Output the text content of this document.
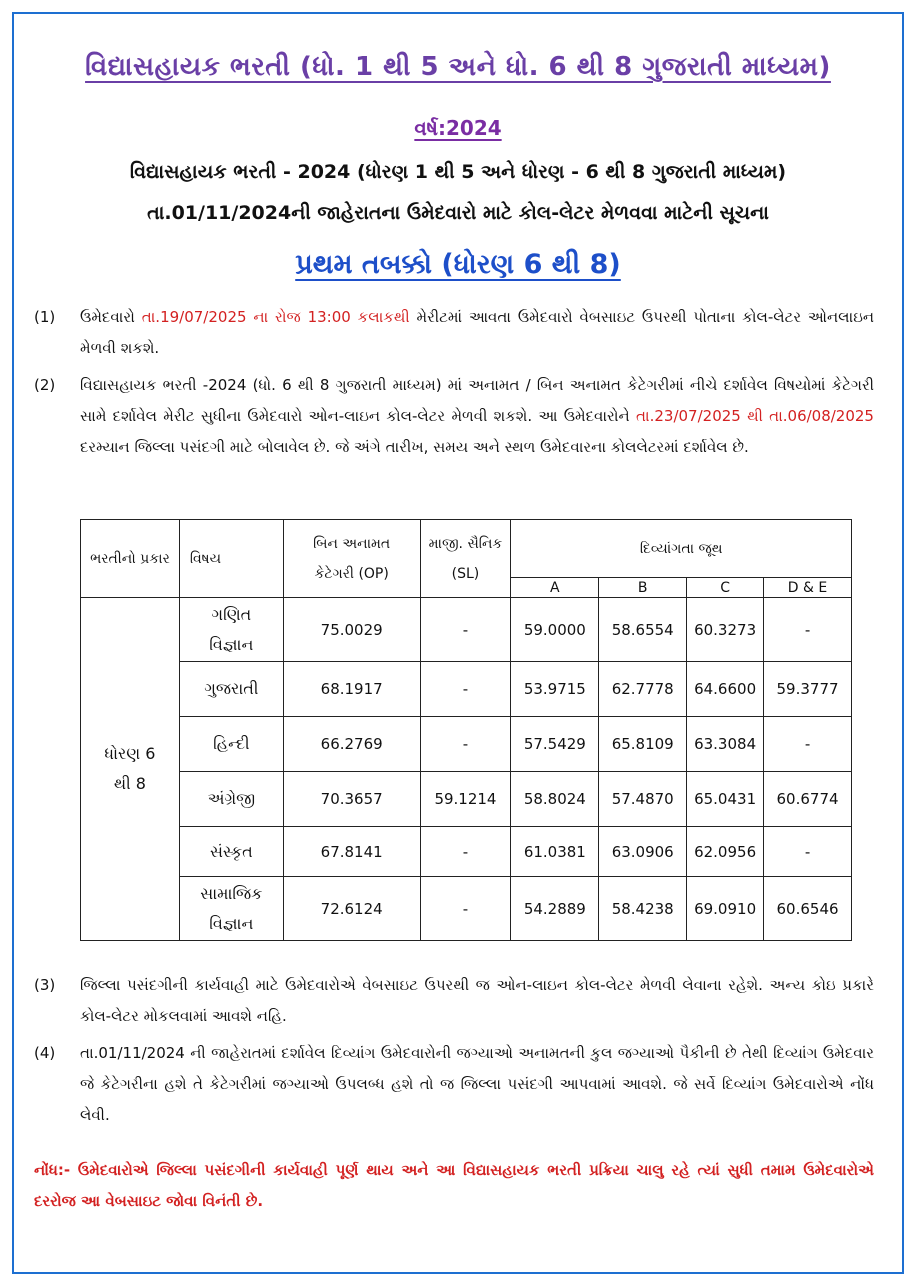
વિદ્યાસહાયક ભરતી (ધો. 1 થી 5 અને ધો. 6 થી 8 ગુજરાતી માધ્યમ)
વર્ષ:2024
વિદ્યાસહાયક ભરતી - 2024 (ધોરણ 1 થી 5 અને ધોરણ - 6 થી 8 ગુજરાતી માધ્યમ)
તા.01/11/2024ની જાહેરાતના ઉમેદવારો માટે કોલ-લેટર મેળવવા માટેની સૂચના
પ્રથમ તબક્કો (ધોરણ 6 થી 8)
(1) ઉમેદવારો તા.19/07/2025 ના રોજ 13:00 કલાકથી મેરીટમાં આવતા ઉમેદવારો વેબસાઇટ ઉપરથી પોતાના કોલ-લેટર ઓનલાઇન મેળવી શકશે.
(2) વિદ્યાસહાયક ભરતી -2024 (ધો. 6 થી 8 ગુજરાતી માધ્યમ) માં અનામત / બિન અનામત કેટેગરીમાં નીચે દર્શાવેલ વિષયોમાં કેટેગરી સામે દર્શાવેલ મેરીટ સુધીના ઉમેદવારો ઓન-લાઇન કોલ-લેટર મેળવી શકશે. આ ઉમેદવારોને તા.23/07/2025 થી તા.06/08/2025 દરમ્યાન જિલ્લા પસંદગી માટે બોલાવેલ છે. જે અંગે તારીખ, સમય અને સ્થળ ઉમેદવારના કોલલેટરમાં દર્શાવેલ છે.
ભરતીનો પ્રકાર	વિષય	બિન અનામત કેટેગરી (OP)	માજી. સૈનિક (SL)	દિવ્યાંગતા જૂથ			
				A	B	C	D & E
ધોરણ 6 થી 8	ગણિત વિજ્ઞાન	75.0029	-	59.0000	58.6554	60.3273	-
	ગુજરાતી	68.1917	-	53.9715	62.7778	64.6600	59.3777
	હિન્દી	66.2769	-	57.5429	65.8109	63.3084	-
	અંગ્રેજી	70.3657	59.1214	58.8024	57.4870	65.0431	60.6774
	સંસ્કૃત	67.8141	-	61.0381	63.0906	62.0956	-
	સામાજિક વિજ્ઞાન	72.6124	-	54.2889	58.4238	69.0910	60.6546
(3) જિલ્લા પસંદગીની કાર્યવાહી માટે ઉમેદવારોએ વેબસાઇટ ઉપરથી જ ઓન-લાઇન કોલ-લેટર મેળવી લેવાના રહેશે. અન્ય કોઇ પ્રકારે કોલ-લેટર મોકલવામાં આવશે નહિ.
(4) તા.01/11/2024 ની જાહેરાતમાં દર્શાવેલ દિવ્યાંગ ઉમેદવારોની જગ્યાઓ અનામતની કુલ જગ્યાઓ પૈકીની છે તેથી દિવ્યાંગ ઉમેદવાર જે કેટેગરીના હશે તે કેટેગરીમાં જગ્યાઓ ઉપલબ્ધ હશે તો જ જિલ્લા પસંદગી આપવામાં આવશે. જે સર્વે દિવ્યાંગ ઉમેદવારોએ નોંધ લેવી.
નોંધ:- ઉમેદવારોએ જિલ્લા પસંદગીની કાર્યવાહી પૂર્ણ થાય અને આ વિદ્યાસહાયક ભરતી પ્રક્રિયા ચાલુ રહે ત્યાં સુધી તમામ ઉમેદવારોએ દરરોજ આ વેબસાઇટ જોવા વિનંતી છે.
